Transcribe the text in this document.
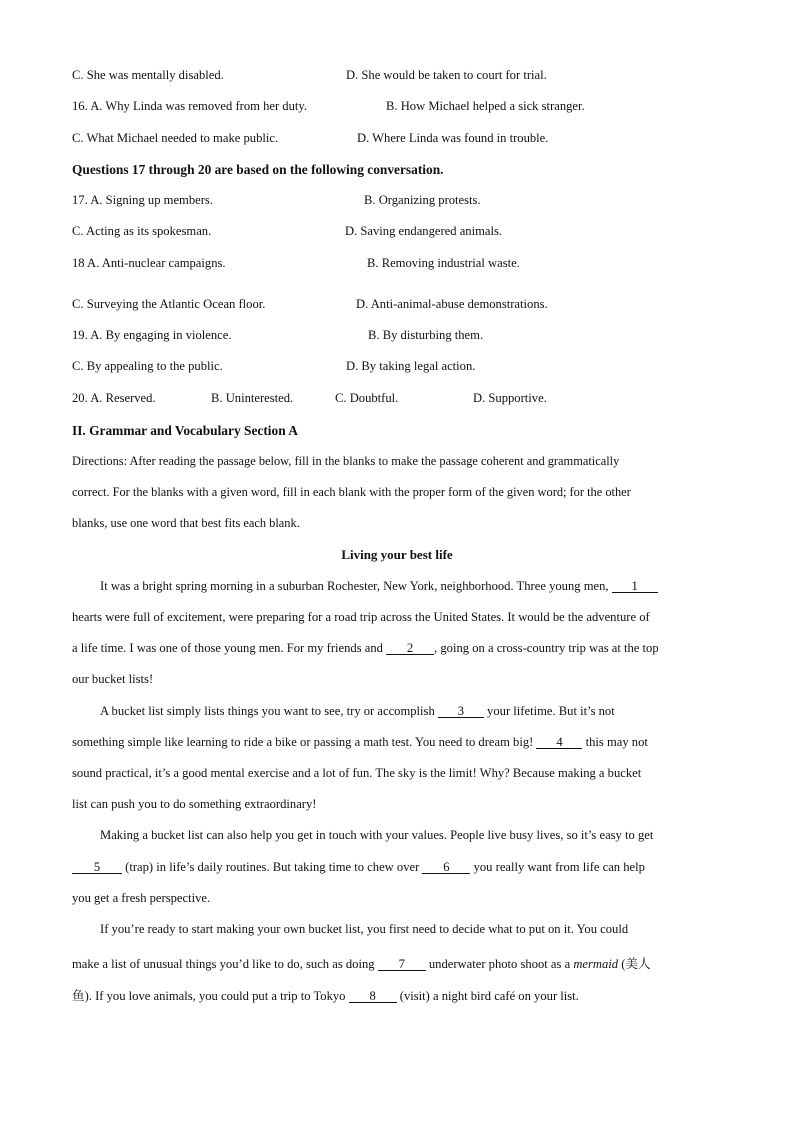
C. She was mentally disabled.	D. She would be taken to court for trial.
16. A. Why Linda was removed from her duty.	B. How Michael helped a sick stranger.
C. What Michael needed to make public.	D. Where Linda was found in trouble.
Questions 17 through 20 are based on the following conversation.
17. A. Signing up members.	B. Organizing protests.
C. Acting as its spokesman.	D. Saving endangered animals.
18 A. Anti-nuclear campaigns.	B. Removing industrial waste.
C. Surveying the Atlantic Ocean floor.	D. Anti-animal-abuse demonstrations.
19. A. By engaging in violence.	B. By disturbing them.
C. By appealing to the public.	D. By taking legal action.
20. A. Reserved.	B. Uninterested.	C. Doubtful.	D. Supportive.
II. Grammar and Vocabulary Section A
Directions: After reading the passage below, fill in the blanks to make the passage coherent and grammatically
correct. For the blanks with a given word, fill in each blank with the proper form of the given word; for the other
blanks, use one word that best fits each blank.
Living your best life
It was a bright spring morning in a suburban Rochester, New York, neighborhood. Three young men, 1
hearts were full of excitement, were preparing for a road trip across the United States. It would be the adventure of
a life time. I was one of those young men. For my friends and 2 , going on a cross-country trip was at the top
our bucket lists!
A bucket list simply lists things you want to see, try or accomplish 3 your lifetime. But it’s not
something simple like learning to ride a bike or passing a math test. You need to dream big! 4 this may not
sound practical, it’s a good mental exercise and a lot of fun. The sky is the limit! Why? Because making a bucket
list can push you to do something extraordinary!
Making a bucket list can also help you get in touch with your values. People live busy lives, so it’s easy to get
5 (trap) in life’s daily routines. But taking time to chew over 6 you really want from life can help
you get a fresh perspective.
If you’re ready to start making your own bucket list, you first need to decide what to put on it. You could
make a list of unusual things you’d like to do, such as doing 7 underwater photo shoot as a mermaid (美人
鱼). If you love animals, you could put a trip to Tokyo 8 (visit) a night bird café on your list.
